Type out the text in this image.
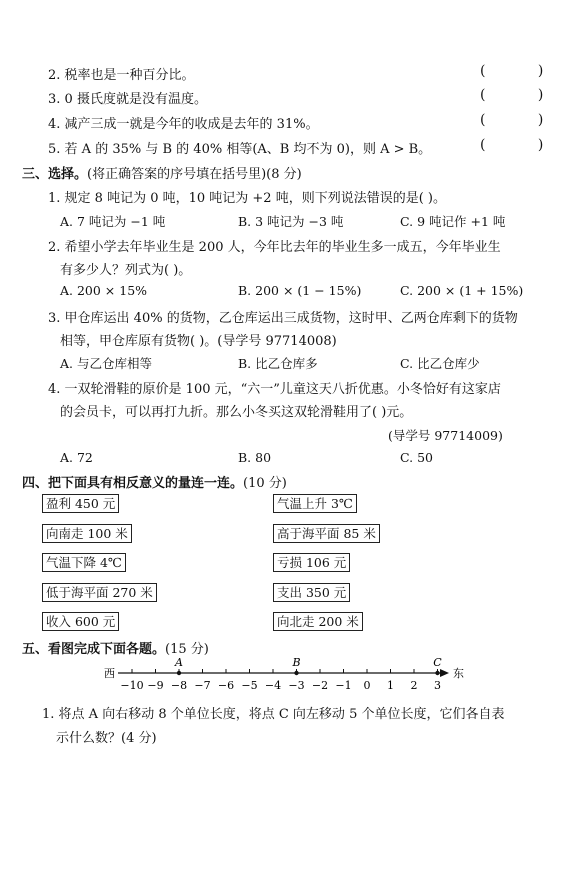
2. 税率也是一种百分比。	( )
3. 0 摄氏度就是没有温度。	( )
4. 减产三成一就是今年的收成是去年的 31%。	( )
5. 若 A 的 35% 与 B 的 40% 相等(A、B 均不为 0)，则 A > B。	( )
三、选择。(将正确答案的序号填在括号里)(8 分)
1. 规定 8 吨记为 0 吨，10 吨记为 +2 吨，则下列说法错误的是( )。
A. 7 吨记为 −1 吨	B. 3 吨记为 −3 吨	C. 9 吨记作 +1 吨
2. 希望小学去年毕业生是 200 人，今年比去年的毕业生多一成五，今年毕业生
有多少人？列式为( )。
A. 200 × 15%	B. 200 × (1 − 15%)	C. 200 × (1 + 15%)
3. 甲仓库运出 40% 的货物，乙仓库运出三成货物，这时甲、乙两仓库剩下的货物
相等，甲仓库原有货物( )。(导学号 97714008)
A. 与乙仓库相等	B. 比乙仓库多	C. 比乙仓库少
4. 一双轮滑鞋的原价是 100 元，“六一”儿童这天八折优惠。小冬恰好有这家店
的会员卡，可以再打九折。那么小冬买这双轮滑鞋用了( )元。
(导学号 97714009)
A. 72	B. 80	C. 50
四、把下面具有相反意义的量连一连。(10 分)
盈利 450 元
向南走 100 米
气温下降 4℃
低于海平面 270 米
收入 600 元
气温上升 3℃
高于海平面 85 米
亏损 106 元
支出 350 元
向北走 200 米
五、看图完成下面各题。(15 分)
西	东
−10 −9 −8 −7 −6 −5 −4 −3 −2 −1 0 1 2 3
A	B	C
1. 将点 A 向右移动 8 个单位长度，将点 C 向左移动 5 个单位长度，它们各自表
示什么数？(4 分)
